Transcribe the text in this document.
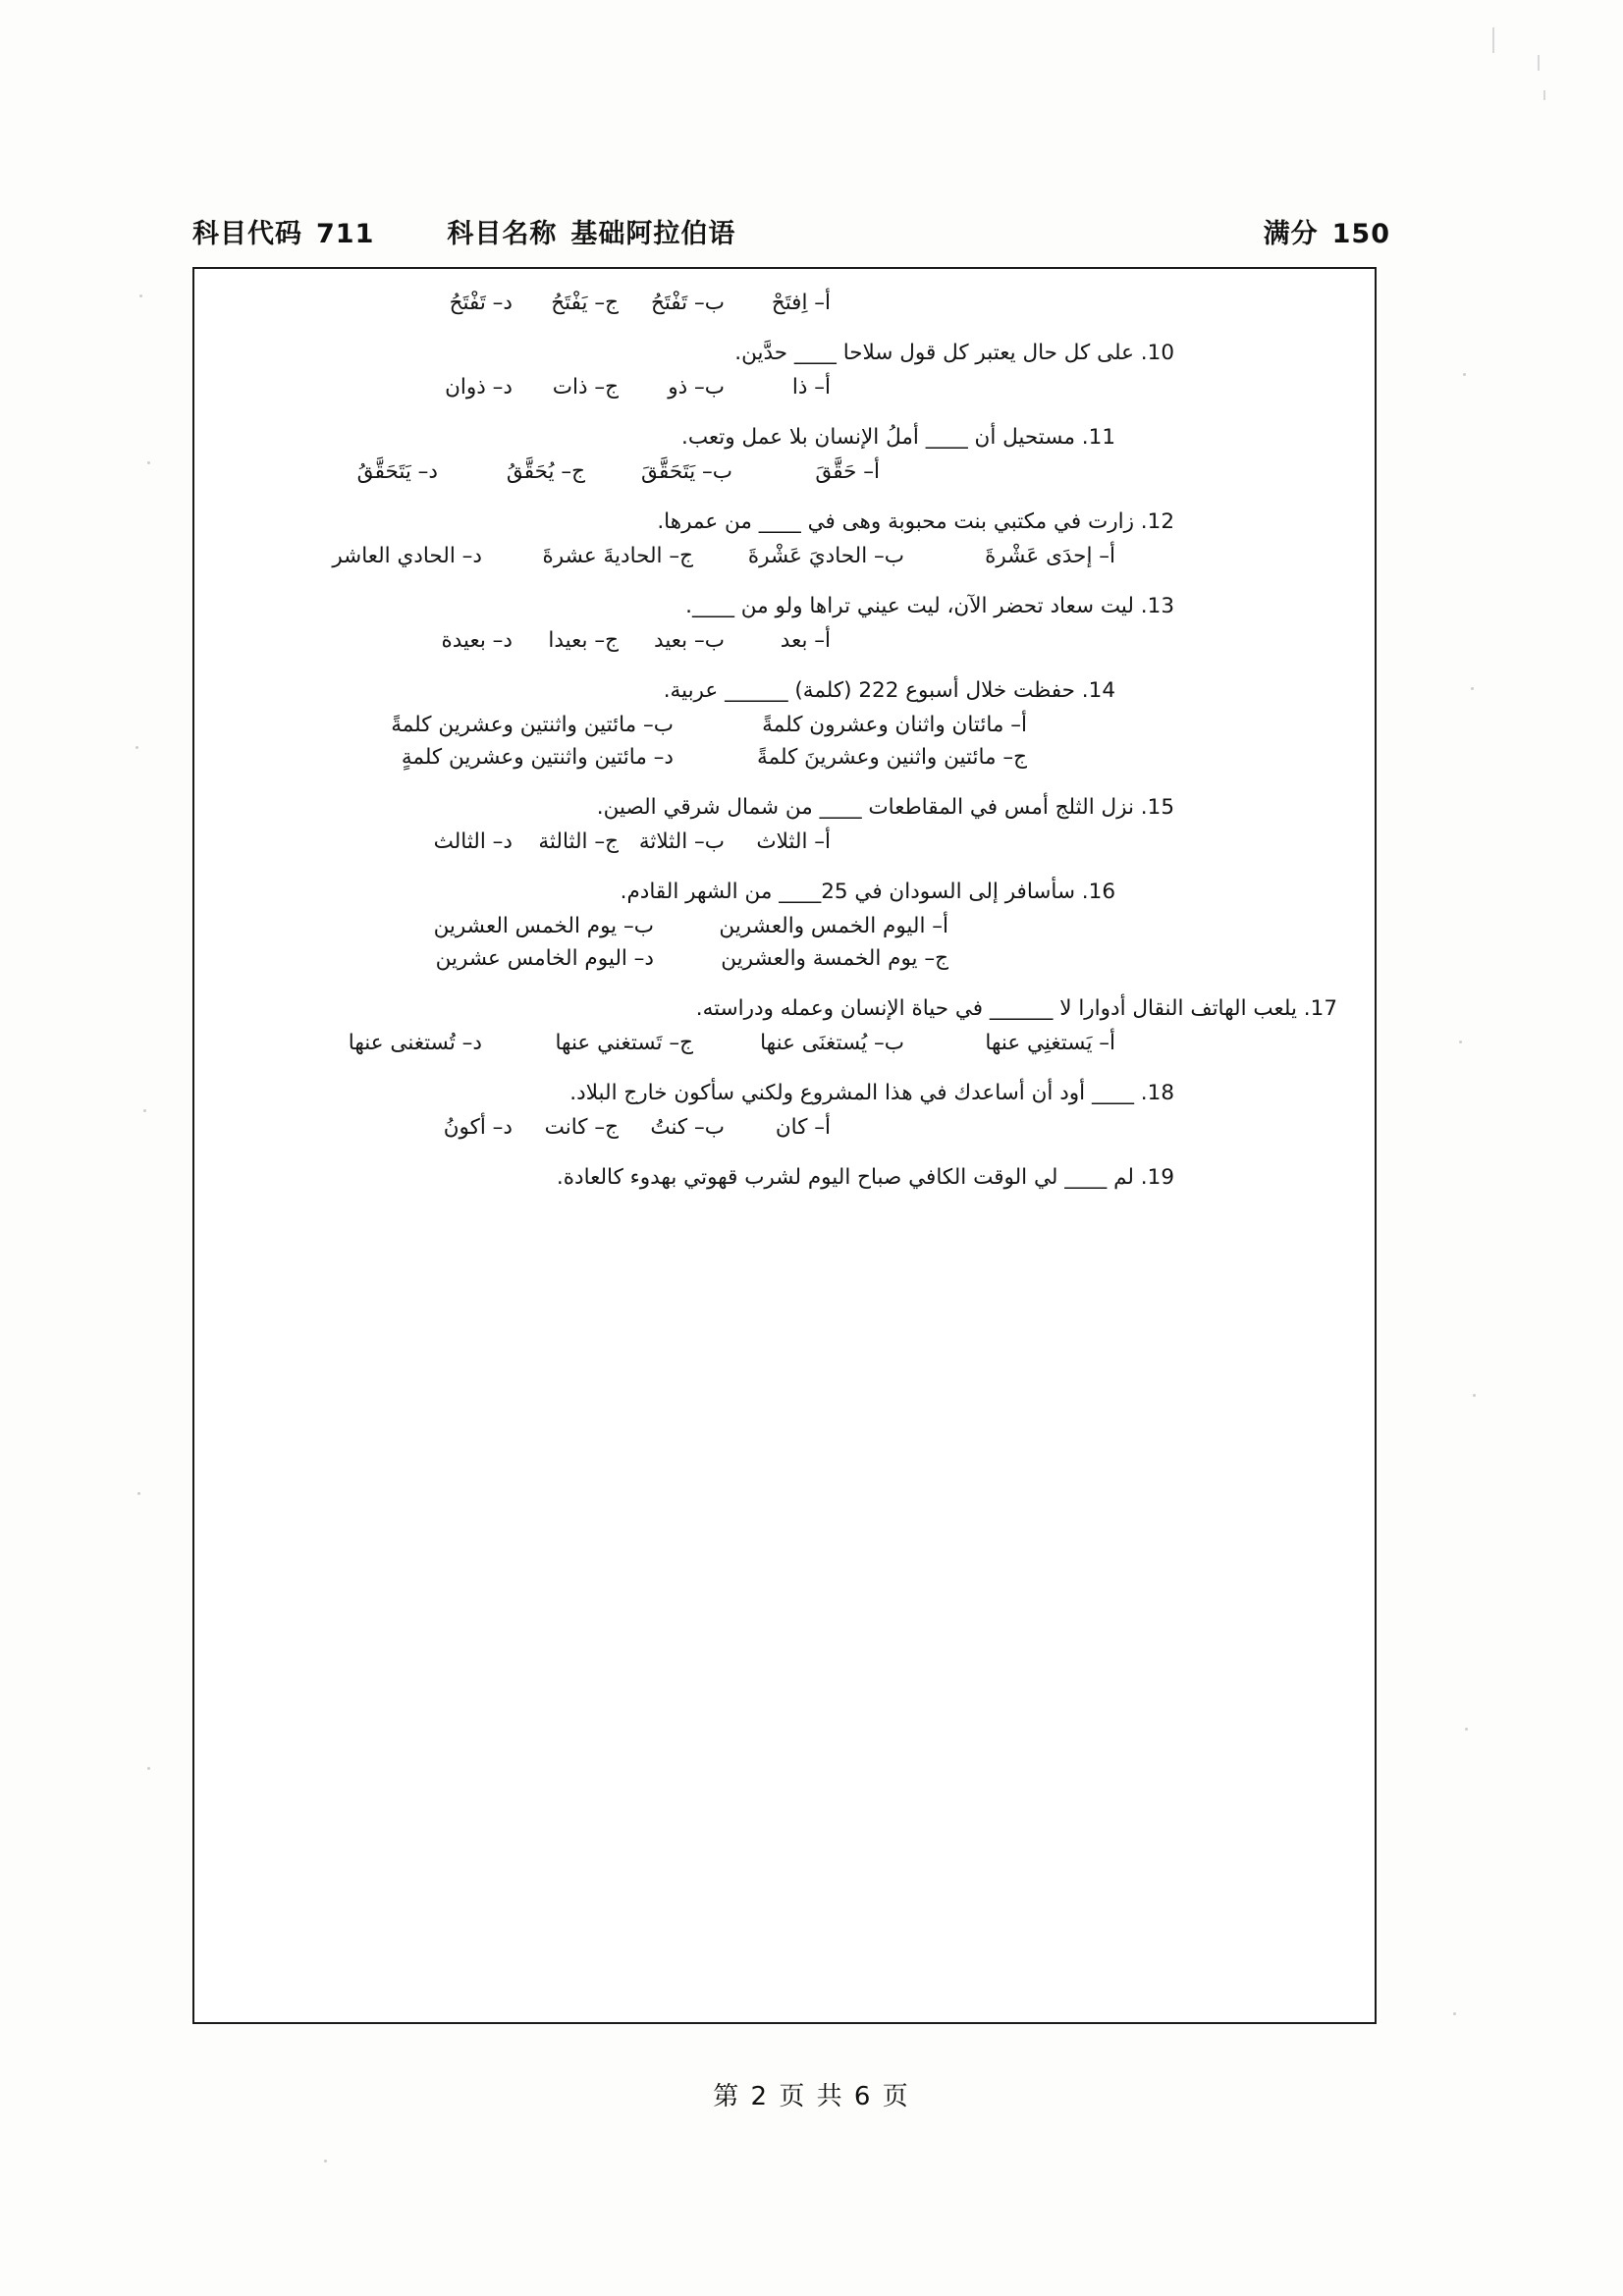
科目代码 711	科目名称 基础阿拉伯语	满分 150
أ– اِفتَحْ
ب– تَفْتَحُ
ج– يَفْتَحُ
د– تَفْتَحُ
10. على كل حال يعتبر كل قول سلاحا ____ حدَّين.
أ– ذا
ب– ذو
ج– ذات
د– ذوان
11. مستحيل أن ____ أملُ الإنسان بلا عمل وتعب.
أ– حَقَّقَ
ب– يَتَحَقَّقَ
ج– يُحَقَّقُ
د– يَتَحَقَّقُ
12. زارت في مكتبي بنت محبوبة وهى في ____ من عمرها.
أ– إحدَى عَشْرةَ
ب– الحاديَ عَشْرةَ
ج– الحاديةَ عشرةَ
د– الحادي العاشر
13. ليت سعاد تحضر الآن، ليت عيني تراها ولو من ____.
أ– بعد
ب– بعيد
ج– بعيدا
د– بعيدة
14. حفظت خلال أسبوع 222 (كلمة) ______ عربية.
أ– مائتان واثنان وعشرون كلمةً
ب– مائتين واثنتين وعشرين كلمةً
ج– مائتين واثنين وعشرينَ كلمةً
د– مائتين واثنتين وعشرين كلمةٍ
15. نزل الثلج أمس في المقاطعات ____ من شمال شرقي الصين.
أ– الثلاث
ب– الثلاثة
ج– الثالثة
د– الثالث
16. سأسافر إلى السودان في 25____ من الشهر القادم.
أ– اليوم الخمس والعشرين
ب– يوم الخمس العشرين
ج– يوم الخمسة والعشرين
د– اليوم الخامس عشرين
17. يلعب الهاتف النقال أدوارا لا ______ في حياة الإنسان وعمله ودراسته.
أ– يَستغنِي عنها
ب– يُستغنَى عنها
ج– تَستغني عنها
د– تُستغنى عنها
18. ____ أود أن أساعدك في هذا المشروع ولكني سأكون خارج البلاد.
أ– كان
ب– كنتُ
ج– كانت
د– أكونُ
19. لم ____ لي الوقت الكافي صباح اليوم لشرب قهوتي بهدوء كالعادة.
第 2 页 共 6 页
